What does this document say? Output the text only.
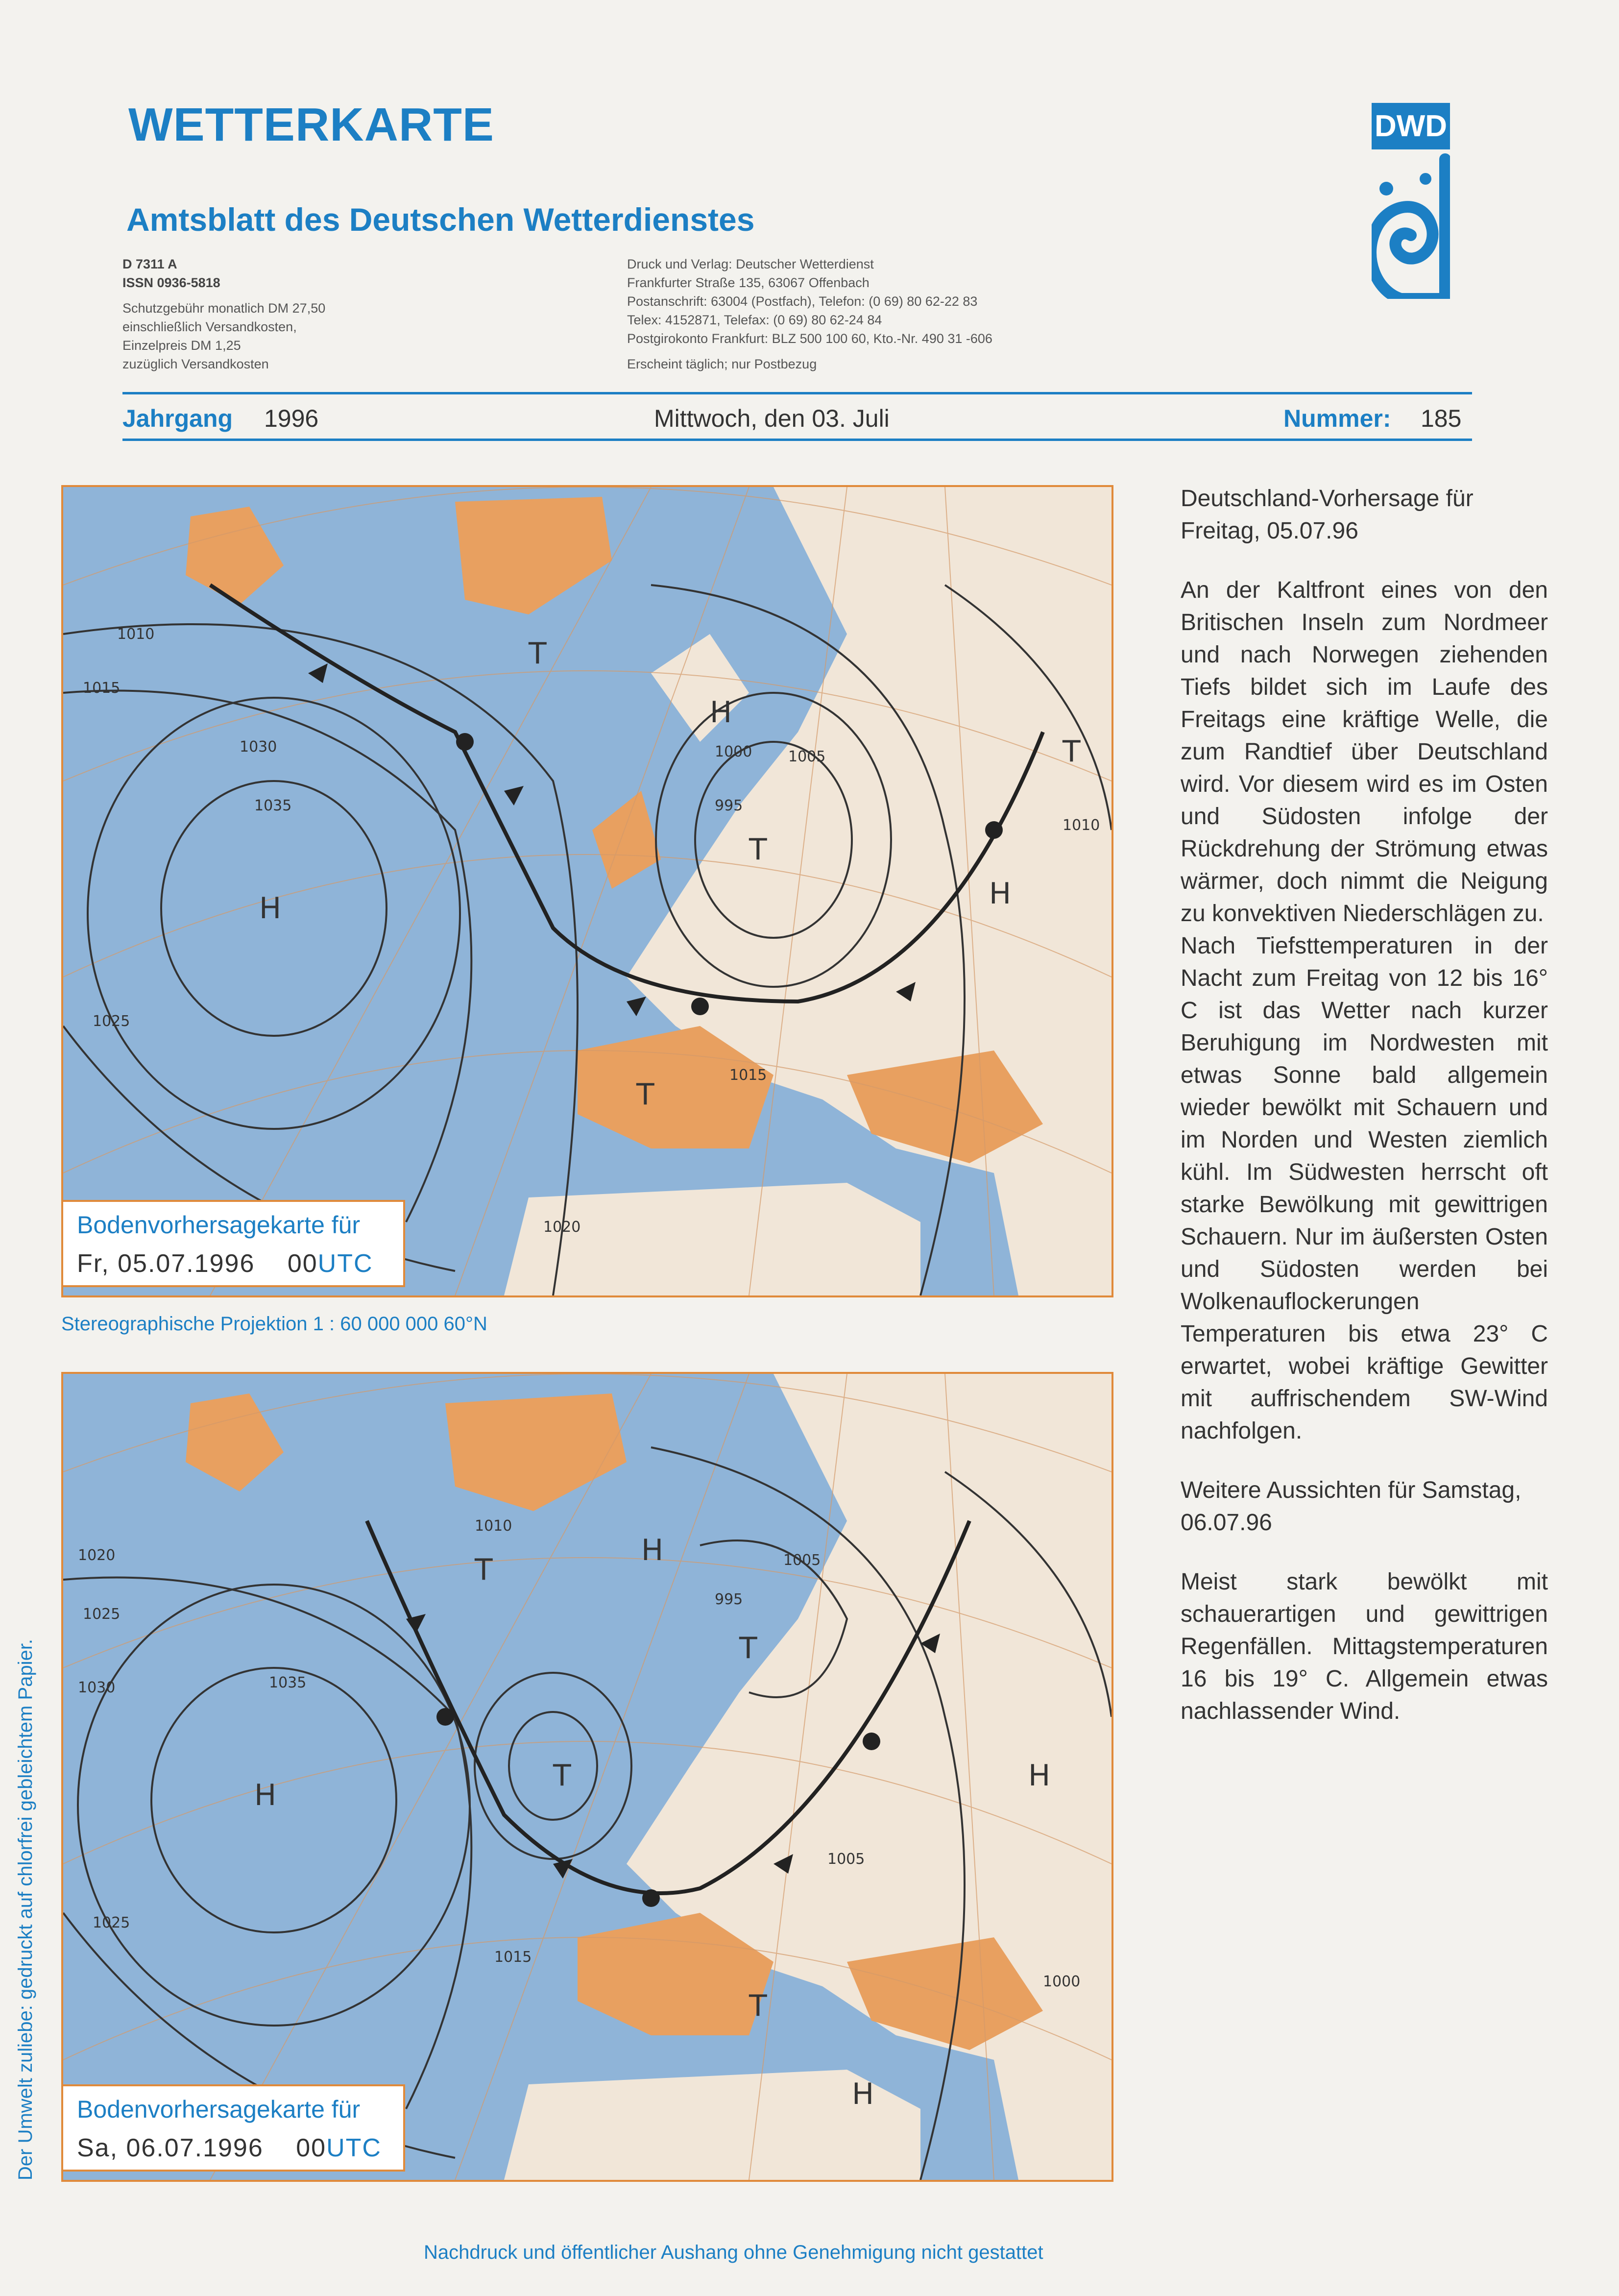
WETTERKARTE
Amtsblatt des Deutschen Wetterdienstes
D 7311 A
ISSN 0936-5818
Schutzgebühr monatlich DM 27,50
einschließlich Versandkosten,
Einzelpreis DM 1,25
zuzüglich Versandkosten
Druck und Verlag: Deutscher Wetterdienst
Frankfurter Straße 135, 63067 Offenbach
Postanschrift: 63004 (Postfach), Telefon: (0 69) 80 62-22 83
Telex: 4152871, Telefax: (0 69) 80 62-24 84
Postgirokonto Frankfurt: BLZ 500 100 60, Kto.-Nr. 490 31 -606
Erscheint täglich; nur Postbezug
DWD
Jahrgang 1996	Mittwoch, den 03. Juli	Nummer: 185
H
T
H
H
T
T
T
1035
1030
1015
1010
1000
995
1015
1020
1025
1005
1010
Bodenvorhersagekarte für
Fr, 05.07.1996 00UTC
Stereographische Projektion 1 : 60 000 000 60°N
H
T
T
T
H
H
T
H
1035
1020
1025
1030
1010
995
1005
1005
1000
1015
1025
Bodenvorhersagekarte für
Sa, 06.07.1996 00UTC
Der Umwelt zuliebe: gedruckt auf chlorfrei gebleichtem Papier.

Deutschland-Vorhersage für Freitag, 05.07.96

An der Kaltfront eines von den Britischen Inseln zum Nordmeer und nach Norwegen ziehenden Tiefs bildet sich im Laufe des Freitags eine kräftige Welle, die zum Randtief über Deutschland wird. Vor diesem wird es im Osten und Südosten infolge der Rückdrehung der Strömung etwas wärmer, doch nimmt die Neigung zu konvektiven Niederschlägen zu.

Nach Tiefsttemperaturen in der Nacht zum Freitag von 12 bis 16° C ist das Wetter nach kurzer Beruhigung im Nordwesten mit etwas Sonne bald allgemein wieder bewölkt mit Schauern und im Norden und Westen ziemlich kühl. Im Südwesten herrscht oft starke Bewölkung mit gewittrigen Schauern. Nur im äußersten Osten und Südosten werden bei Wolkenauflockerungen Temperaturen bis etwa 23° C erwartet, wobei kräftige Gewitter mit auffrischendem SW-Wind nachfolgen.

Weitere Aussichten für Samstag, 06.07.96

Meist stark bewölkt mit schauerartigen und gewittrigen Regenfällen. Mittagstemperaturen 16 bis 19° C. Allgemein etwas nachlassender Wind.

Nachdruck und öffentlicher Aushang ohne Genehmigung nicht gestattet
